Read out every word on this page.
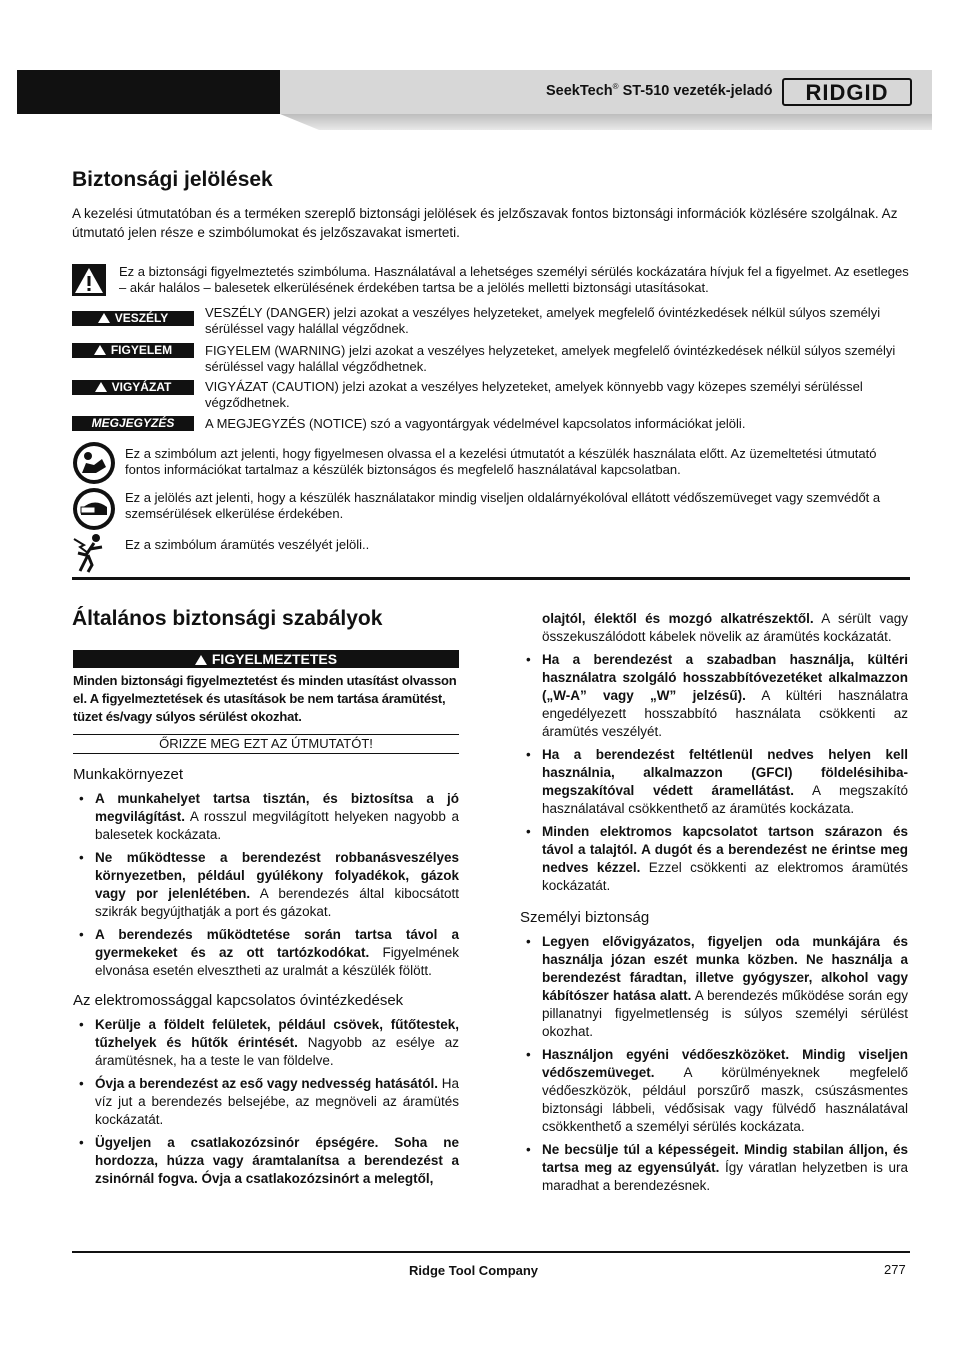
SeekTech® ST-510 vezeték-jeladó RIDGID
Biztonsági jelölések

A kezelési útmutatóban és a terméken szereplő biztonsági jelölések és jelzőszavak fontos biztonsági információk közlésére szolgálnak. Az útmutató jelen része e szimbólumokat és jelzőszavakat ismerteti.

Ez a biztonsági figyelmeztetés szimbóluma. Használatával a lehetséges személyi sérülés kockázatára hívjuk fel a figyelmet. Az esetleges – akár halálos – balesetek elkerülésének érdekében tartsa be a jelölés melletti biztonsági utasításokat.

VESZÉLY	VESZÉLY (DANGER) jelzi azokat a veszélyes helyzeteket, amelyek megfelelő óvintézkedések nélkül súlyos személyi sérüléssel vagy halállal végződnek.

FIGYELEM	FIGYELEM (WARNING) jelzi azokat a veszélyes helyzeteket, amelyek megfelelő óvintézkedések nélkül súlyos személyi sérüléssel vagy halállal végződhetnek.

VIGYÁZAT	VIGYÁZAT (CAUTION) jelzi azokat a veszélyes helyzeteket, amelyek könnyebb vagy közepes személyi sérüléssel végződhetnek.

MEGJEGYZÉS	A MEGJEGYZÉS (NOTICE) szó a vagyontárgyak védelmével kapcsolatos információkat jelöli.

Ez a szimbólum azt jelenti, hogy figyelmesen olvassa el a kezelési útmutatót a készülék használata előtt. Az üzemeltetési útmutató fontos információkat tartalmaz a készülék biztonságos és megfelelő használatával kapcsolatban.

Ez a jelölés azt jelenti, hogy a készülék használatakor mindig viseljen oldalárnyékolóval ellátott védőszemüveget vagy szemvédőt a szemsérülések elkerülése érdekében.

Ez a szimbólum áramütés veszélyét jelöli..

Általános biztonsági szabályok
FIGYELMEZTETES

Minden biztonsági figyelmeztetést és minden utasítást olvasson el. A figyelmeztetések és utasítások be nem tartása áramütést, tüzet és/vagy súlyos sérülést okozhat.

ŐRIZZE MEG EZT AZ ÚTMUTATÓT!

Munkakörnyezet

• A munkahelyet tartsa tisztán, és biztosítsa a jó megvilágítást. A rosszul megvilágított helyeken nagyobb a balesetek kockázata.
• Ne működtesse a berendezést robbanásveszélyes környezetben, például gyúlékony folyadékok, gázok vagy por jelenlétében. A berendezés által kibocsátott szikrák begyújthatják a port és gázokat.
• A berendezés működtetése során tartsa távol a gyermekeket és az ott tartózkodókat. Figyelmének elvonása esetén elvesztheti az uralmát a készülék fölött.

Az elektromossággal kapcsolatos óvintézkedések

• Kerülje a földelt felületek, például csövek, fűtőtestek, tűzhelyek és hűtők érintését. Nagyobb az esélye az áramütésnek, ha a teste le van földelve.
• Óvja a berendezést az eső vagy nedvesség hatásától. Ha víz jut a berendezés belsejébe, az megnöveli az áramütés kockázatát.
• Ügyeljen a csatlakozózsinór épségére. Soha ne hordozza, húzza vagy áramtalanítsa a berendezést a zsinórnál fogva. Óvja a csatlakozózsinórt a melegtől,

olajtól, élektől és mozgó alkatrészektől. A sérült vagy összekuszálódott kábelek növelik az áramütés kockázatát.

• Ha a berendezést a szabadban használja, kültéri használatra szolgáló hosszabbítóvezetéket alkalmazzon („W-A” vagy „W” jelzésű). A kültéri használatra engedélyezett hosszabbító használata csökkenti az áramütés veszélyét.
• Ha a berendezést feltétlenül nedves helyen kell használnia, alkalmazzon (GFCI) földelésihiba-megszakítóval védett áramellátást. A megszakító használatával csökkenthető az áramütés kockázata.
• Minden elektromos kapcsolatot tartson szárazon és távol a talajtól. A dugót és a berendezést ne érintse meg nedves kézzel. Ezzel csökkenti az elektromos áramütés kockázatát.

Személyi biztonság

• Legyen elővigyázatos, figyeljen oda munkájára és használja józan eszét munka közben. Ne használja a berendezést fáradtan, illetve gyógyszer, alkohol vagy kábítószer hatása alatt. A berendezés működése során egy pillanatnyi figyelmetlenség is súlyos személyi sérülést okozhat.
• Használjon egyéni védőeszközöket. Mindig viseljen védőszemüveget. A körülményeknek megfelelő védőeszközök, például porszűrő maszk, csúszásmentes biztonsági lábbeli, védősisak vagy fülvédő használatával csökkenthető a személyi sérülés kockázata.
• Ne becsülje túl a képességeit. Mindig stabilan álljon, és tartsa meg az egyensúlyát. Így váratlan helyzetben is ura maradhat a berendezésnek.
Ridge Tool Company	277
